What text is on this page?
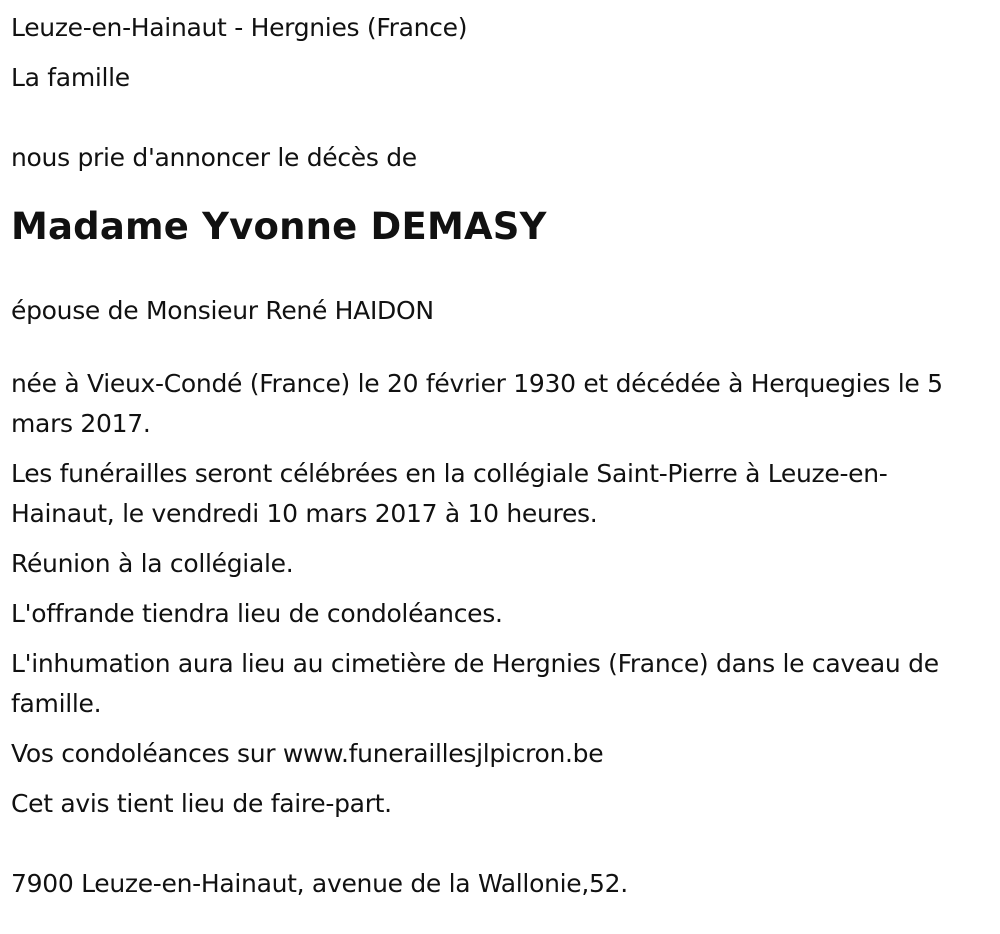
Leuze-en-Hainaut - Hergnies (France)

La famille

nous prie d'annoncer le décès de

Madame Yvonne DEMASY

épouse de Monsieur René HAIDON

née à Vieux-Condé (France) le 20 février 1930 et décédée à Herquegies le 5 mars 2017.

Les funérailles seront célébrées en la collégiale Saint-Pierre à Leuze-en-Hainaut, le vendredi 10 mars 2017 à 10 heures.

Réunion à la collégiale.

L'offrande tiendra lieu de condoléances.

L'inhumation aura lieu au cimetière de Hergnies (France) dans le caveau de famille.

Vos condoléances sur www.funeraillesjlpicron.be

Cet avis tient lieu de faire-part.

7900 Leuze-en-Hainaut, avenue de la Wallonie,52.
